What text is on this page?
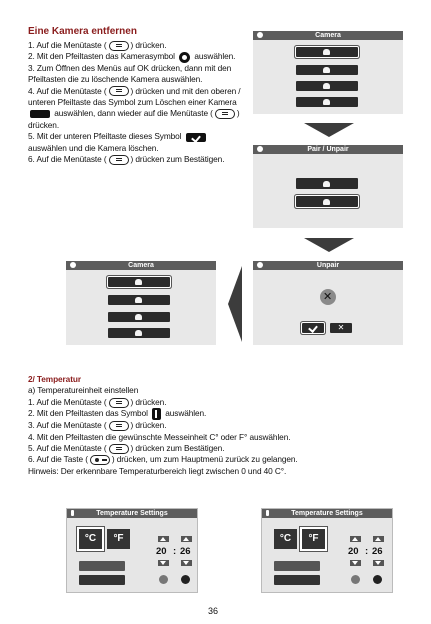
Eine Kamera entfernen
1. Auf die Menütaste (	) drücken.
2. Mit den Pfeiltasten das Kamerasymbol auswählen.
3. Zum Öffnen des Menüs auf OK drücken, dann mit den
Pfeiltasten die zu löschende Kamera auswählen.
4. Auf die Menütaste (	) drücken und mit den oberen /
unteren Pfeiltaste das Symbol zum Löschen einer Kamera
auswählen, dann wieder auf die Menütaste (	)
drücken.
5. Mit der unteren Pfeiltaste dieses Symbol
auswählen und die Kamera löschen.
6. Auf die Menütaste (	) drücken zum Bestätigen.
Camera
Pair / Unpair
Camera	Unpair
✕
✕
2/ Temperatur
a) Temperatureinheit einstellen
1. Auf die Menütaste (	) drücken.
2. Mit den Pfeiltasten das Symbol auswählen.
3. Auf die Menütaste (	) drücken.
4. Mit den Pfeiltasten die gewünschte Messeinheit C° oder F° auswählen.
5. Auf die Menütaste (	) drücken zum Bestätigen.
6. Auf die Taste (	) drücken, um zum Hauptmenü zurück zu gelangen.
Hinweis: Der erkennbare Temperaturbereich liegt zwischen 0 und 40 C°.
Temperature Settings
°C	°F
20 : 26
Temperature Settings
°C	°F
20 : 26
36
